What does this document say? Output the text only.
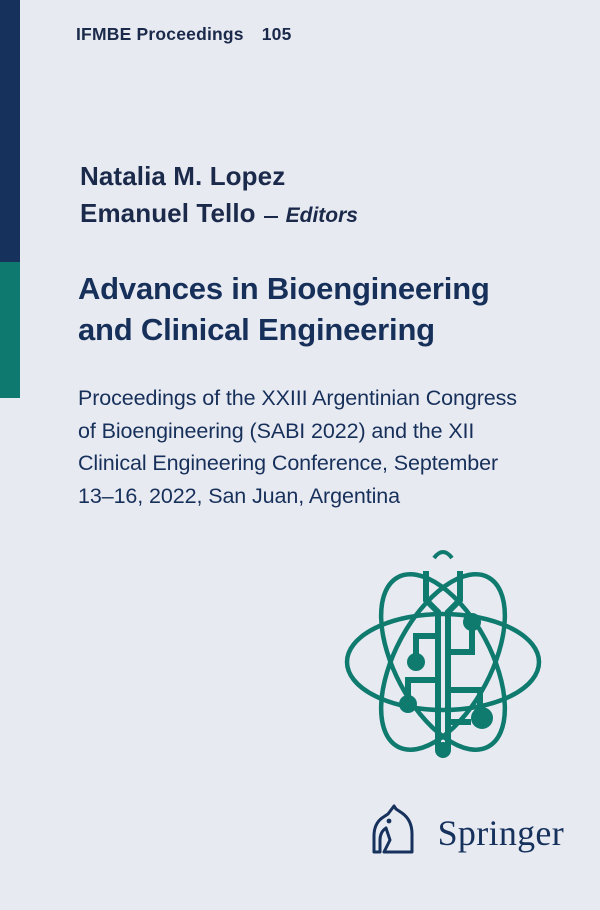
IFMBE Proceedings 105
Natalia M. Lopez
Emanuel Tello Editors
Advances in Bioengineering and Clinical Engineering
Proceedings of the XXIII Argentinian Congress of Bioengineering (SABI 2022) and the XII Clinical Engineering Conference, September 13–16, 2022, San Juan, Argentina
Springer
